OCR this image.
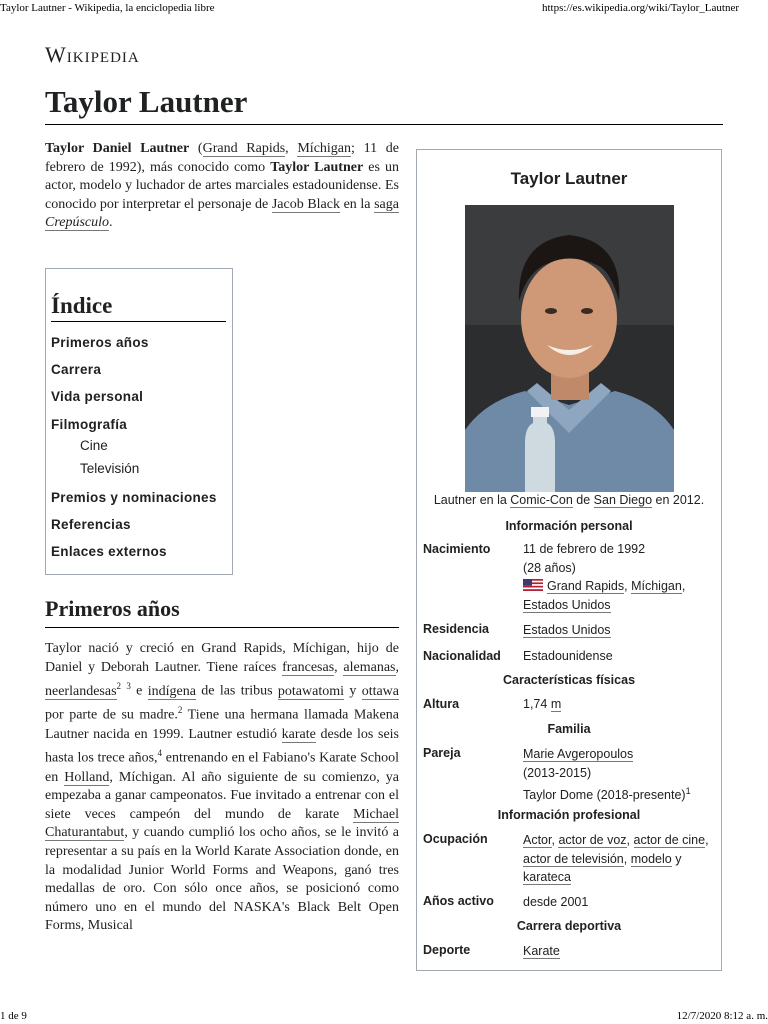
Taylor Lautner - Wikipedia, la enciclopedia libre	https://es.wikipedia.org/wiki/Taylor_Lautner
1 de 9	12/7/2020 8:12 a. m.
Wikipedia
Taylor Lautner
Taylor Daniel Lautner (Grand Rapids, Míchigan; 11 de febrero de 1992), más conocido como Taylor Lautner es un actor, modelo y luchador de artes marciales estadounidense. Es conocido por interpretar el personaje de Jacob Black en la saga Crepúsculo.
Índice
Primeros años
Carrera
Vida personal
Filmografía
Cine
Televisión
Premios y nominaciones
Referencias
Enlaces externos
Primeros años
Taylor nació y creció en Grand Rapids, Míchigan, hijo de Daniel y Deborah Lautner. Tiene raíces francesas, alemanas, neerlandesas$^2$ $^3$ e indígena de las tribus potawatomi y ottawa por parte de su madre.$^2$ Tiene una hermana llamada Makena Lautner nacida en 1999. Lautner estudió karate desde los seis hasta los trece años,$^4$ entrenando en el Fabiano's Karate School en Holland, Míchigan. Al año siguiente de su comienzo, ya empezaba a ganar campeonatos. Fue invitado a entrenar con el siete veces campeón del mundo de karate Michael Chaturantabut, y cuando cumplió los ocho años, se le invitó a representar a su país en la World Karate Association donde, en la modalidad Junior World Forms and Weapons, ganó tres medallas de oro. Con sólo once años, se posicionó como número uno en el mundo del NASKA's Black Belt Open Forms, Musical
Taylor Lautner
Lautner en la Comic-Con de San Diego en 2012.
Información personal
Nacimiento	11 de febrero de 1992
(28 años)
Grand Rapids, Míchigan,
Estados Unidos
Residencia	Estados Unidos
Nacionalidad Estadounidense
Características físicas
Altura	1,74 m
Familia
Pareja	Marie Avgeropoulos
(2013-2015)
Taylor Dome (2018-presente)$^1$
Información profesional
Ocupación	Actor, actor de voz, actor de cine, actor de televisión, modelo y karateca
Años activo desde 2001
Carrera deportiva
Deporte	Karate
